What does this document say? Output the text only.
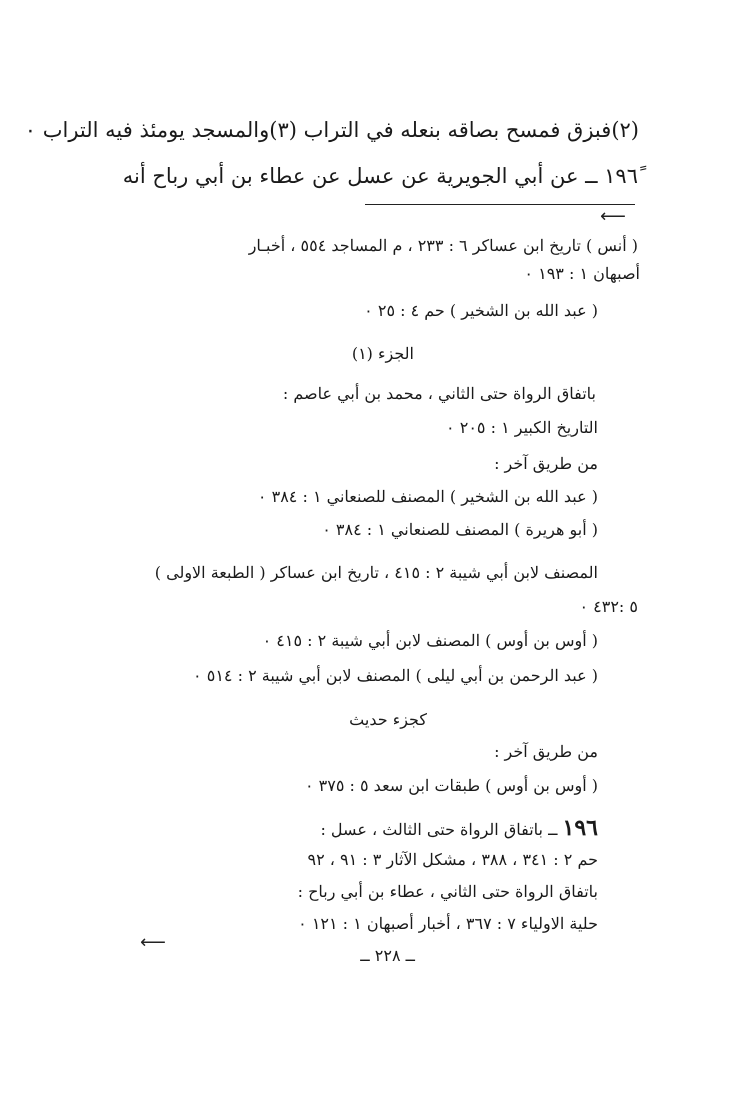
(٢)فبزق فمسح بصاقه بنعله في التراب (٣)والمسجد يومئذ فيه التراب ٠
١٩٦ً ــ عن أبي الجويرية عن عسل عن عطاء بن أبي رباح أنه
⟵
( أنس ) تاريخ ابن عساكر ٦ : ٢٣٣ ، م المساجد ٥٥٤ ، أخبـار
أصبهان ١ : ١٩٣ ٠
( عبد الله بن الشخير ) حم ٤ : ٢٥ ٠
الجزء (١)
باتفاق الرواة حتى الثاني ، محمد بن أبي عاصم :
التاريخ الكبير ١ : ٢٠٥ ٠
من طريق آخر :
( عبد الله بن الشخير ) المصنف للصنعاني ١ : ٣٨٤ ٠
( أبو هريرة ) المصنف للصنعاني ١ : ٣٨٤ ٠
المصنف لابن أبي شيبة ٢ : ٤١٥ ، تاريخ ابن عساكر ( الطبعة الاولى )
٥ :٤٣٢ ٠
( أوس بن أوس ) المصنف لابن أبي شيبة ٢ : ٤١٥ ٠
( عبد الرحمن بن أبي ليلى ) المصنف لابن أبي شيبة ٢ : ٥١٤ ٠
كجزء حديث
من طريق آخر :
( أوس بن أوس ) طبقات ابن سعد ٥ : ٣٧٥ ٠
١٩٦ ــ باتفاق الرواة حتى الثالث ، عسل :
حم ٢ : ٣٤١ ، ٣٨٨ ، مشكل الآثار ٣ : ٩١ ، ٩٢
باتفاق الرواة حتى الثاني ، عطاء بن أبي رباح :
حلية الاولياء ٧ : ٣٦٧ ، أخبار أصبهان ١ : ١٢١ ٠
⟵
ــ ٢٢٨ ــ
